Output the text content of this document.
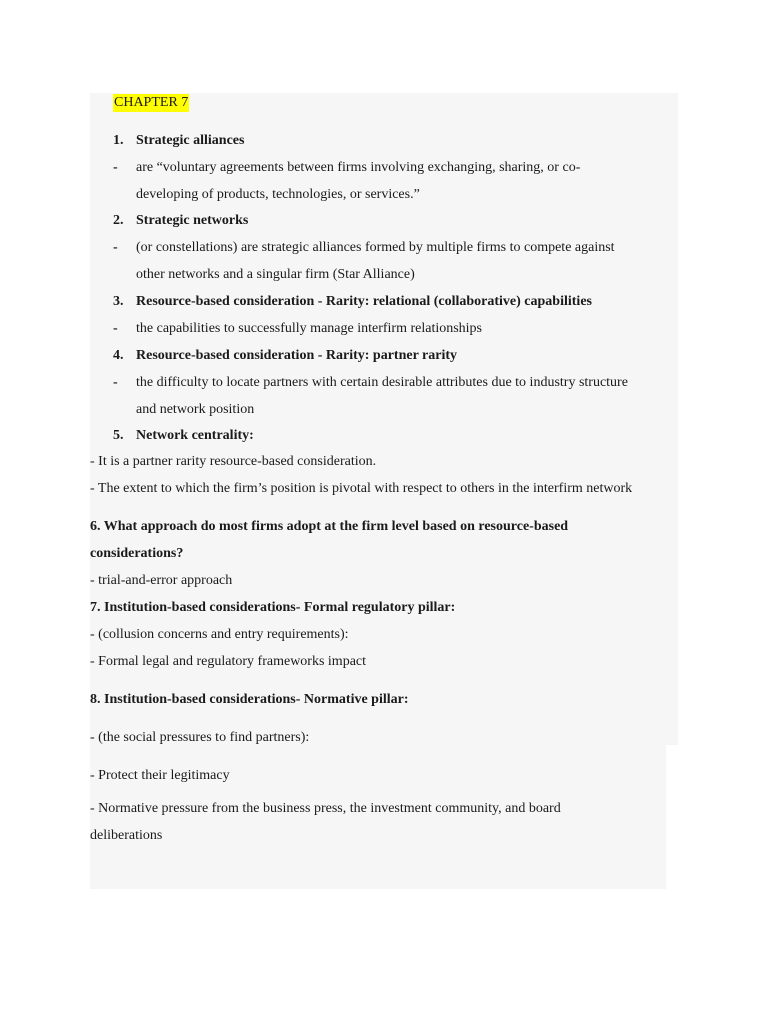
CHAPTER 7
1. Strategic alliances
- are “voluntary agreements between firms involving exchanging, sharing, or co-
developing of products, technologies, or services.”
2. Strategic networks
- (or constellations) are strategic alliances formed by multiple firms to compete against
other networks and a singular firm (Star Alliance)
3. Resource-based consideration - Rarity: relational (collaborative) capabilities
- the capabilities to successfully manage interfirm relationships
4. Resource-based consideration - Rarity: partner rarity
- the difficulty to locate partners with certain desirable attributes due to industry structure
and network position
5. Network centrality:
- It is a partner rarity resource-based consideration.
- The extent to which the firm’s position is pivotal with respect to others in the interfirm network
6. What approach do most firms adopt at the firm level based on resource-based
considerations?
- trial-and-error approach
7. Institution-based considerations- Formal regulatory pillar:
- (collusion concerns and entry requirements):
- Formal legal and regulatory frameworks impact
8. Institution-based considerations- Normative pillar:
- (the social pressures to find partners):
- Protect their legitimacy
- Normative pressure from the business press, the investment community, and board
deliberations
